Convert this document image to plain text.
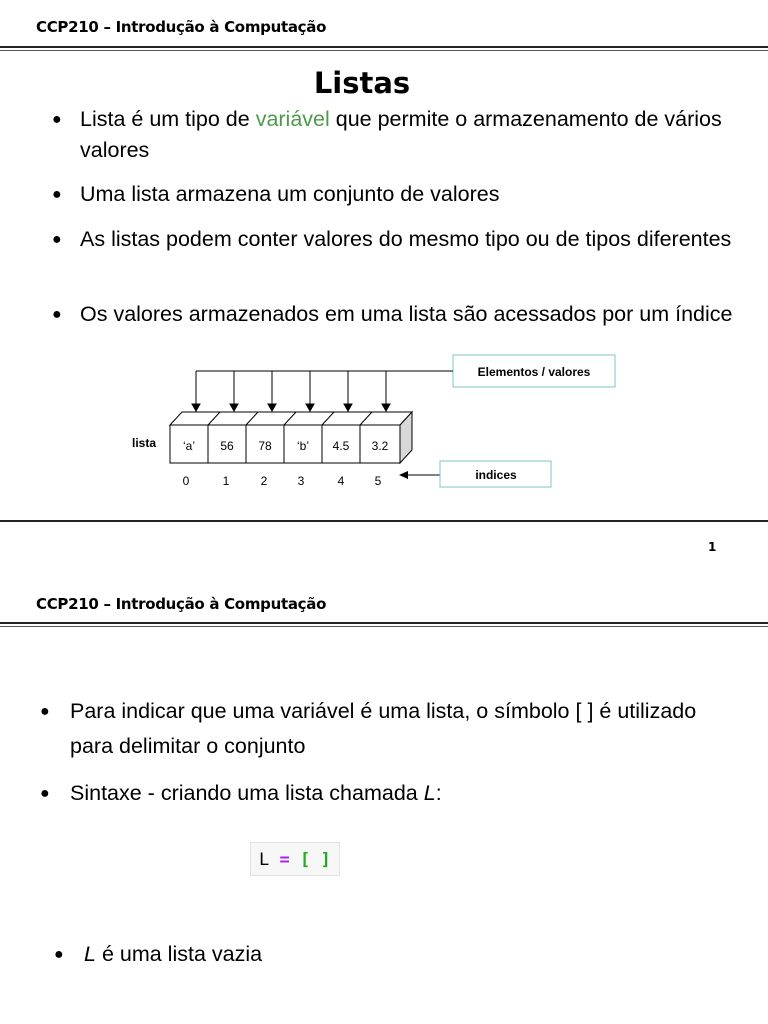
CCP210 – Introdução à Computação
Listas
● Lista é um tipo de variável que permite o armazenamento de vários valores
● Uma lista armazena um conjunto de valores
● As listas podem conter valores do mesmo tipo ou de tipos diferentes
● Os valores armazenados em uma lista são acessados por um índice
Elementos / valores
‘a’ 56 78 ‘b’ 4.5 3.2
lista
0	1	2	3	4	5	indices
1
CCP210 – Introdução à Computação
● Para indicar que uma variável é uma lista, o símbolo [ ] é utilizado para delimitar o conjunto
● Sintaxe - criando uma lista chamada L:
L = [ ]
● L é uma lista vazia
